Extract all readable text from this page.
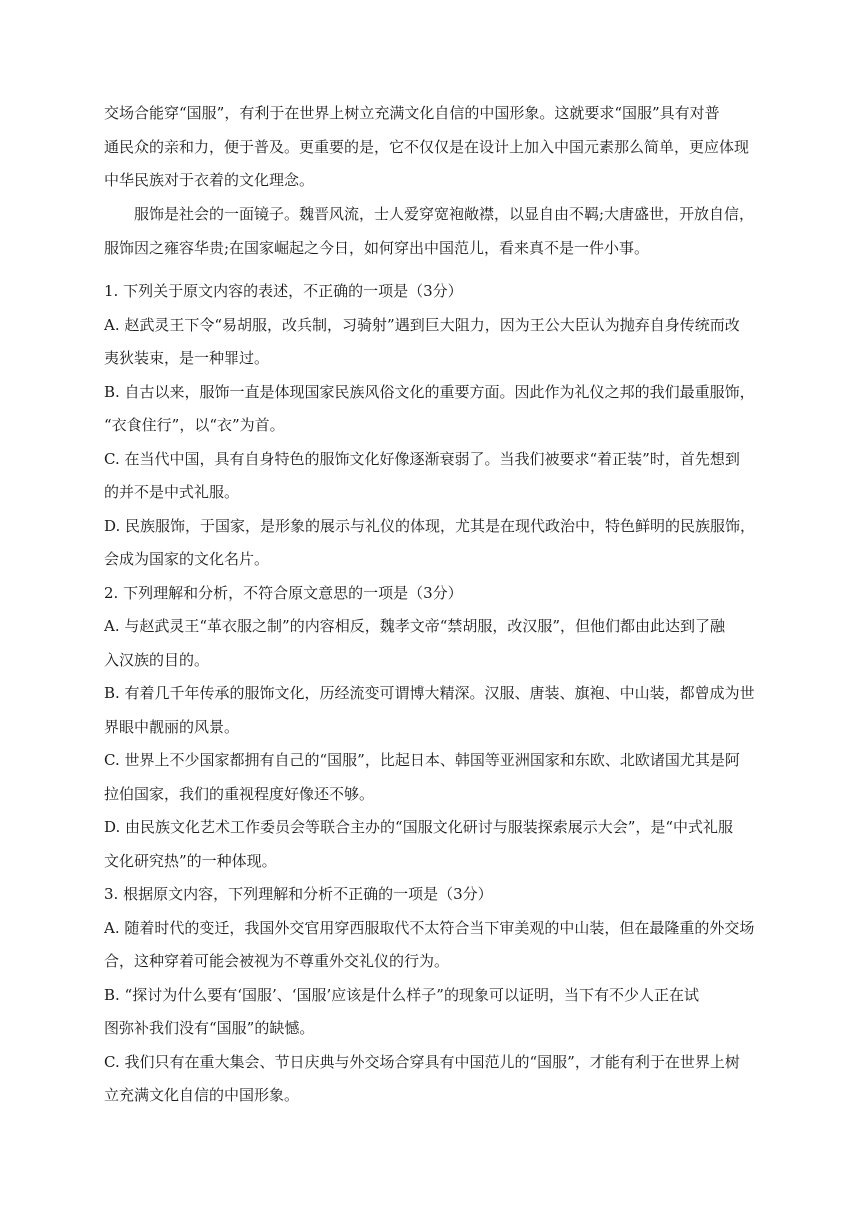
交场合能穿“国服”，有利于在世界上树立充满文化自信的中国形象。这就要求“国服”具有对普
通民众的亲和力，便于普及。更重要的是，它不仅仅是在设计上加入中国元素那么简单，更应体现
中华民族对于衣着的文化理念。
　　服饰是社会的一面镜子。魏晋风流，士人爱穿宽袍敞襟，以显自由不羁;大唐盛世，开放自信，
服饰因之雍容华贵;在国家崛起之今日，如何穿出中国范儿，看来真不是一件小事。
1. 下列关于原文内容的表述，不正确的一项是（3分）
A. 赵武灵王下令“易胡服，改兵制，习骑射”遇到巨大阻力，因为王公大臣认为抛弃自身传统而改
夷狄装束，是一种罪过。
B. 自古以来，服饰一直是体现国家民族风俗文化的重要方面。因此作为礼仪之邦的我们最重服饰，
“衣食住行”，以“衣”为首。
C. 在当代中国，具有自身特色的服饰文化好像逐渐衰弱了。当我们被要求“着正装”时，首先想到
的并不是中式礼服。
D. 民族服饰，于国家，是形象的展示与礼仪的体现，尤其是在现代政治中，特色鲜明的民族服饰，
会成为国家的文化名片。
2. 下列理解和分析，不符合原文意思的一项是（3分）
A. 与赵武灵王“革衣服之制”的内容相反，魏孝文帝“禁胡服，改汉服”，但他们都由此达到了融
入汉族的目的。
B. 有着几千年传承的服饰文化，历经流变可谓博大精深。汉服、唐装、旗袍、中山装，都曾成为世
界眼中靓丽的风景。
C. 世界上不少国家都拥有自己的“国服”，比起日本、韩国等亚洲国家和东欧、北欧诸国尤其是阿
拉伯国家，我们的重视程度好像还不够。
D. 由民族文化艺术工作委员会等联合主办的“国服文化研讨与服装探索展示大会”，是“中式礼服
文化研究热”的一种体现。
3. 根据原文内容，下列理解和分析不正确的一项是（3分）
A. 随着时代的变迁，我国外交官用穿西服取代不太符合当下审美观的中山装，但在最隆重的外交场
合，这种穿着可能会被视为不尊重外交礼仪的行为。
B. “探讨为什么要有‘国服’、‘国服’应该是什么样子”的现象可以证明，当下有不少人正在试
图弥补我们没有“国服”的缺憾。
C. 我们只有在重大集会、节日庆典与外交场合穿具有中国范儿的“国服”，才能有利于在世界上树
立充满文化自信的中国形象。
